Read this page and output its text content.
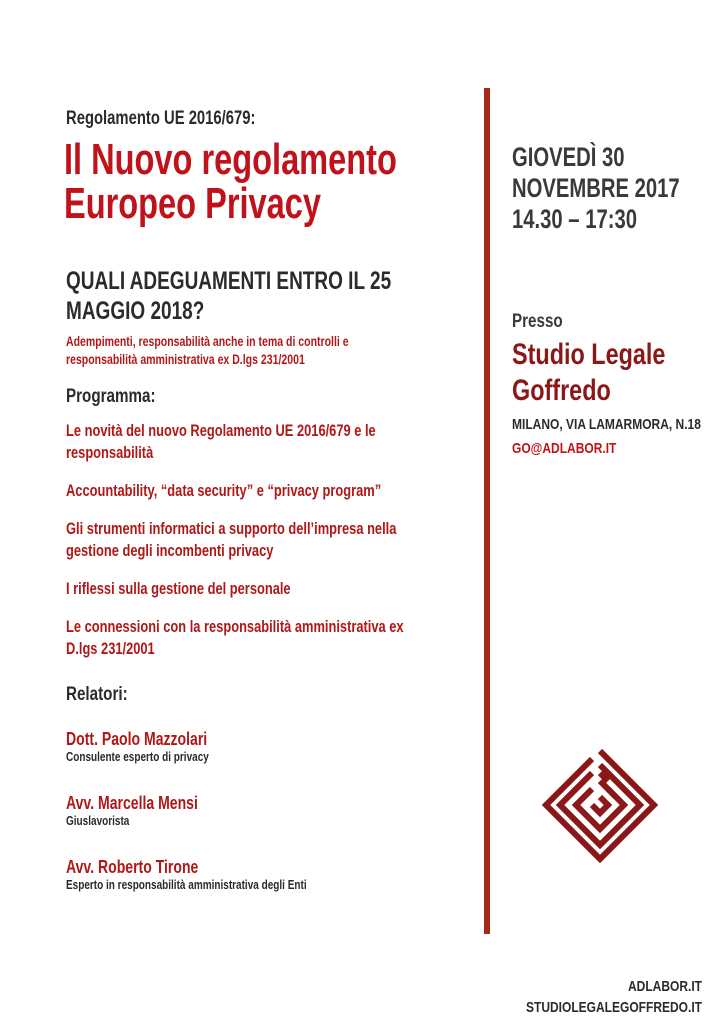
Regolamento UE 2016/679:
Il Nuovo regolamento
Europeo Privacy
QUALI ADEGUAMENTI ENTRO IL 25
MAGGIO 2018?
Adempimenti, responsabilità anche in tema di controlli e
responsabilità amministrativa ex D.lgs 231/2001
Programma:
Le novità del nuovo Regolamento UE 2016/679 e le
responsabilità
Accountability, “data security” e “privacy program”
Gli strumenti informatici a supporto dell’impresa nella
gestione degli incombenti privacy
I riflessi sulla gestione del personale
Le connessioni con la responsabilità amministrativa ex
D.lgs 231/2001
Relatori:
Dott. Paolo Mazzolari
Consulente esperto di privacy
Avv. Marcella Mensi
Giuslavorista
Avv. Roberto Tirone
Esperto in responsabilità amministrativa degli Enti
GIOVEDÌ 30
NOVEMBRE 2017
14.30 – 17:30
Presso
Studio Legale
Goffredo
MILANO, VIA LAMARMORA, N.18
GO@ADLABOR.IT
ADLABOR.IT
STUDIOLEGALEGOFFREDO.IT
